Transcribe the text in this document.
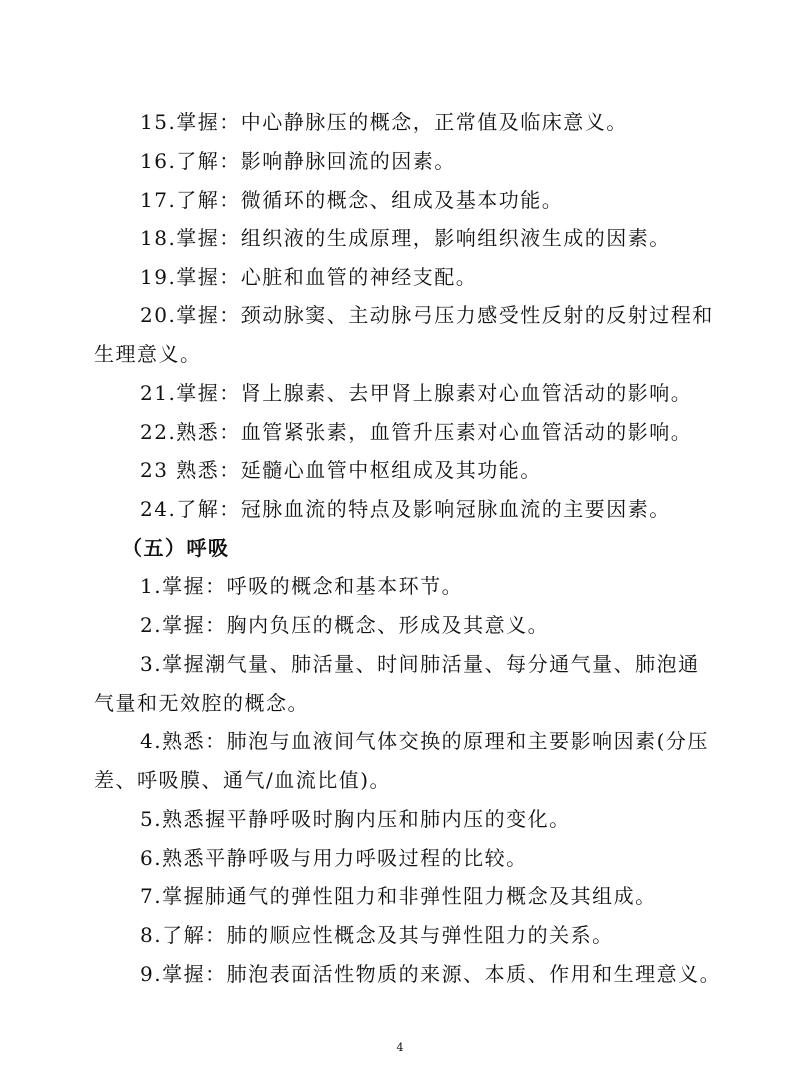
15.掌握：中心静脉压的概念，正常值及临床意义。
16.了解：影响静脉回流的因素。
17.了解：微循环的概念、组成及基本功能。
18.掌握：组织液的生成原理，影响组织液生成的因素。
19.掌握：心脏和血管的神经支配。
20.掌握：颈动脉窦、主动脉弓压力感受性反射的反射过程和
生理意义。
21.掌握：肾上腺素、去甲肾上腺素对心血管活动的影响。
22.熟悉：血管紧张素，血管升压素对心血管活动的影响。
23 熟悉：延髓心血管中枢组成及其功能。
24.了解：冠脉血流的特点及影响冠脉血流的主要因素。
（五）呼吸
1.掌握：呼吸的概念和基本环节。
2.掌握：胸内负压的概念、形成及其意义。
3.掌握潮气量、肺活量、时间肺活量、每分通气量、肺泡通
气量和无效腔的概念。
4.熟悉：肺泡与血液间气体交换的原理和主要影响因素(分压
差、呼吸膜、通气/血流比值)。
5.熟悉握平静呼吸时胸内压和肺内压的变化。
6.熟悉平静呼吸与用力呼吸过程的比较。
7.掌握肺通气的弹性阻力和非弹性阻力概念及其组成。
8.了解：肺的顺应性概念及其与弹性阻力的关系。
9.掌握：肺泡表面活性物质的来源、本质、作用和生理意义。
4
